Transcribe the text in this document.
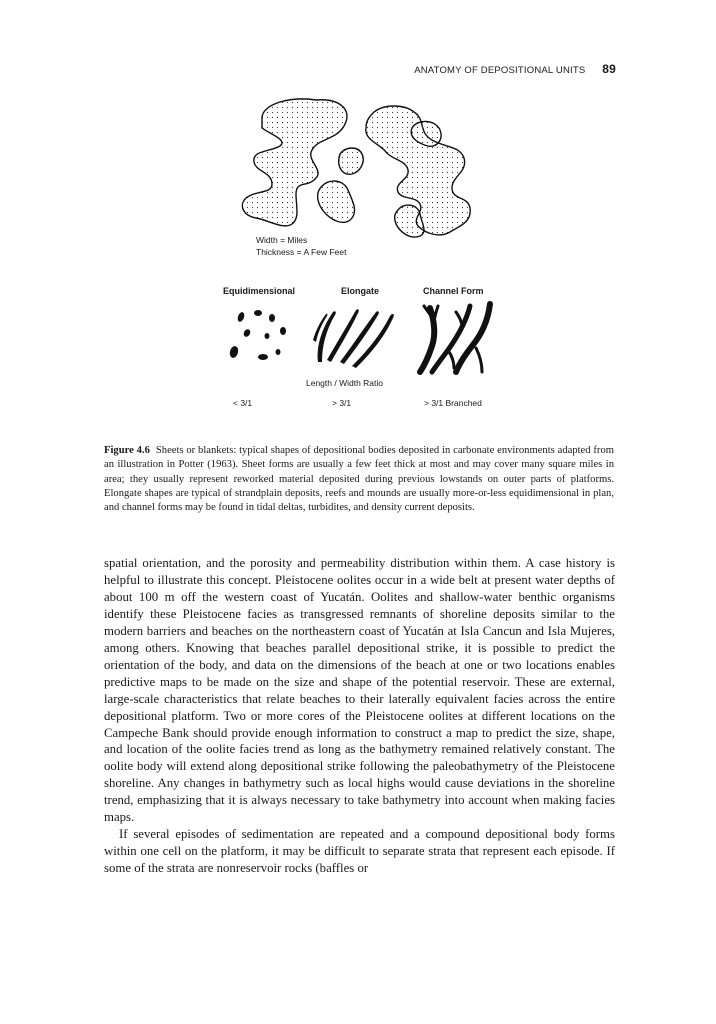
ANATOMY OF DEPOSITIONAL UNITS 89
Width = Miles
Thickness = A Few Feet
Equidimensional	Elongate	Channel Form
Length / Width Ratio
< 3/1	> 3/1	> 3/1 Branched

Figure 4.6 Sheets or blankets: typical shapes of depositional bodies deposited in carbonate environments adapted from an illustration in Potter (1963). Sheet forms are usually a few feet thick at most and may cover many square miles in area; they usually represent reworked material deposited during previous lowstands on outer parts of platforms. Elongate shapes are typical of strandplain deposits, reefs and mounds are usually more-or-less equidimensional in plan, and channel forms may be found in tidal deltas, turbidites, and density current deposits.

spatial orientation, and the porosity and permeability distribution within them. A case history is helpful to illustrate this concept. Pleistocene oolites occur in a wide belt at present water depths of about 100 m off the western coast of Yucatán. Oolites and shallow-water benthic organisms identify these Pleistocene facies as transgressed remnants of shoreline deposits similar to the modern barriers and beaches on the northeastern coast of Yucatán at Isla Cancun and Isla Mujeres, among others. Knowing that beaches parallel depositional strike, it is possible to predict the orientation of the body, and data on the dimensions of the beach at one or two locations enables predictive maps to be made on the size and shape of the potential reservoir. These are external, large-scale characteristics that relate beaches to their laterally equivalent facies across the entire depositional platform. Two or more cores of the Pleistocene oolites at different locations on the Campeche Bank should provide enough information to construct a map to predict the size, shape, and location of the oolite facies trend as long as the bathymetry remained relatively constant. The oolite body will extend along depositional strike following the paleobathymetry of the Pleistocene shoreline. Any changes in bathymetry such as local highs would cause deviations in the shoreline trend, emphasizing that it is always necessary to take bathymetry into account when making facies maps.

If several episodes of sedimentation are repeated and a compound depositional body forms within one cell on the platform, it may be difficult to separate strata that represent each episode. If some of the strata are nonreservoir rocks (baffles or
